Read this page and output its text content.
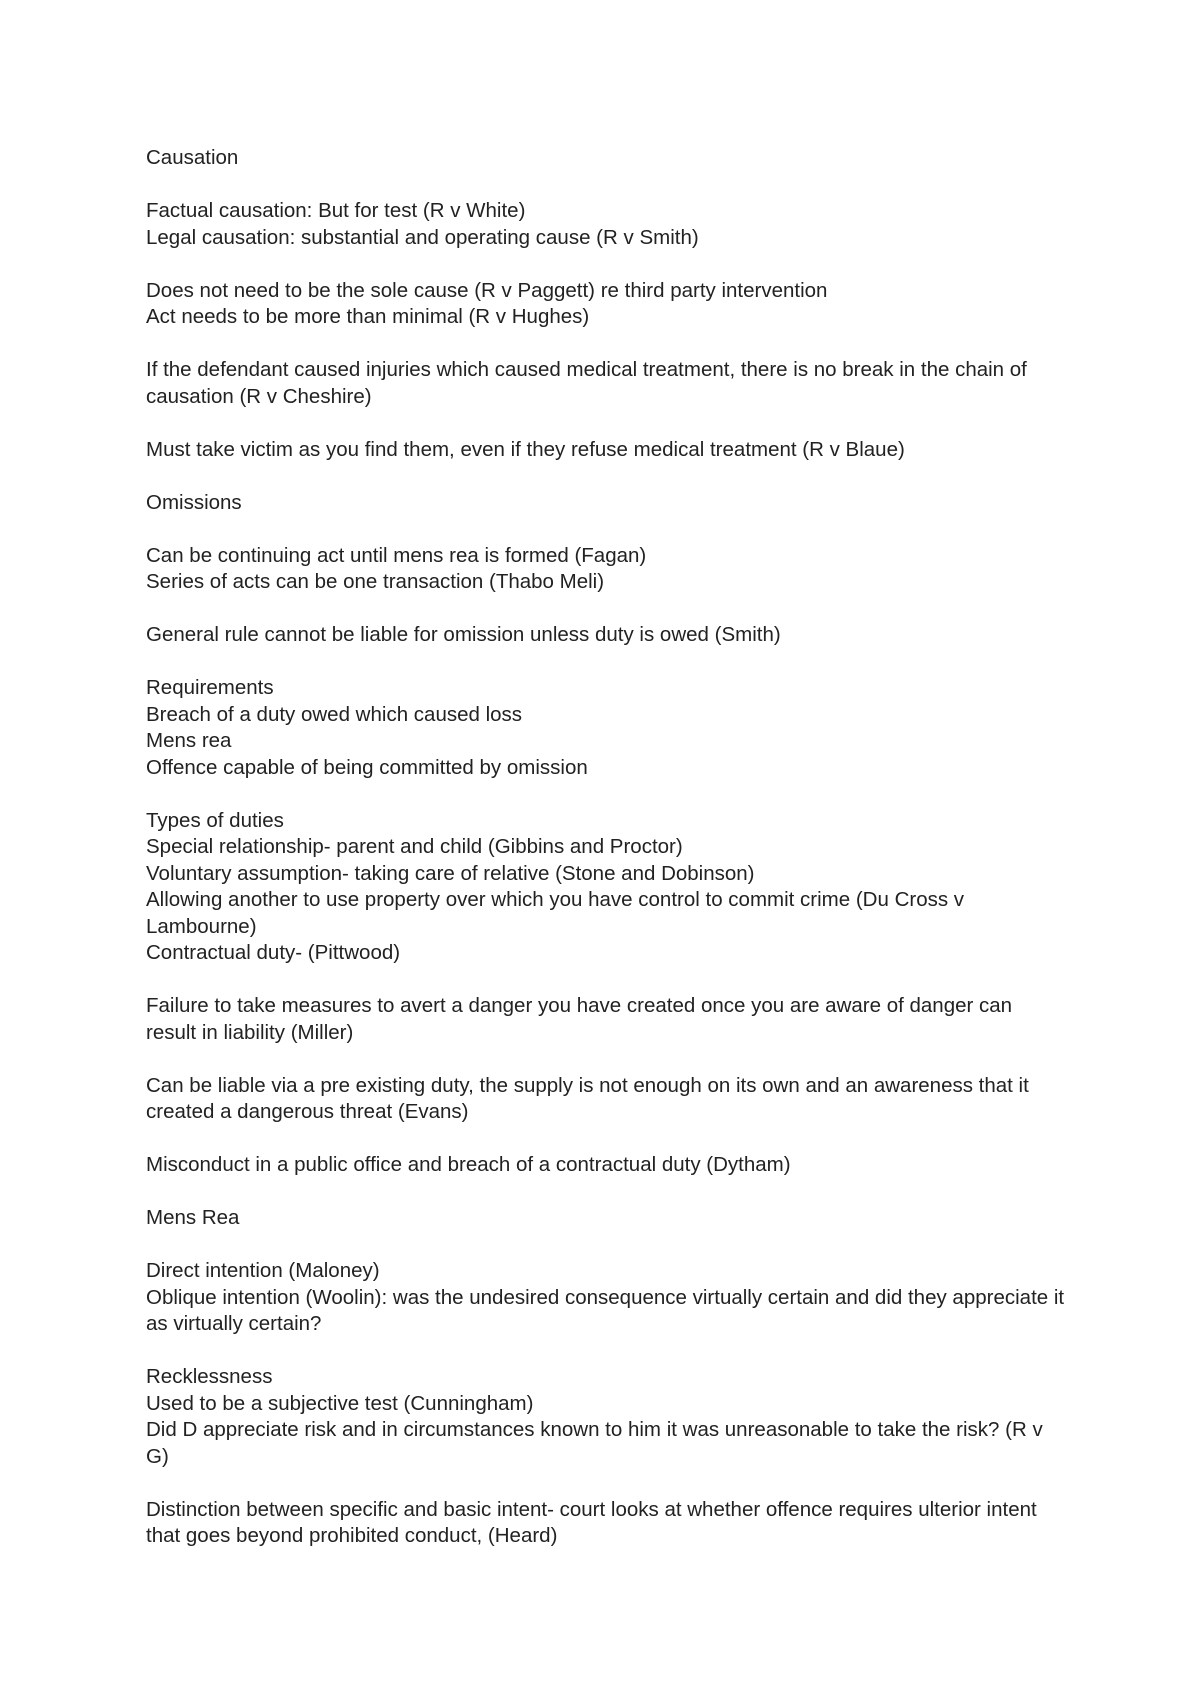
Causation
Factual causation: But for test (R v White)
Legal causation: substantial and operating cause (R v Smith)
Does not need to be the sole cause (R v Paggett) re third party intervention
Act needs to be more than minimal (R v Hughes)
If the defendant caused injuries which caused medical treatment, there is no break in the chain of causation (R v Cheshire)
Must take victim as you find them, even if they refuse medical treatment (R v Blaue)
Omissions
Can be continuing act until mens rea is formed (Fagan)
Series of acts can be one transaction (Thabo Meli)
General rule cannot be liable for omission unless duty is owed (Smith)
Requirements
Breach of a duty owed which caused loss
Mens rea
Offence capable of being committed by omission
Types of duties
Special relationship- parent and child (Gibbins and Proctor)
Voluntary assumption- taking care of relative (Stone and Dobinson)
Allowing another to use property over which you have control to commit crime (Du Cross v Lambourne)
Contractual duty- (Pittwood)
Failure to take measures to avert a danger you have created once you are aware of danger can result in liability (Miller)
Can be liable via a pre existing duty, the supply is not enough on its own and an awareness that it created a dangerous threat (Evans)
Misconduct in a public office and breach of a contractual duty (Dytham)
Mens Rea
Direct intention (Maloney)
Oblique intention (Woolin): was the undesired consequence virtually certain and did they appreciate it as virtually certain?
Recklessness
Used to be a subjective test (Cunningham)
Did D appreciate risk and in circumstances known to him it was unreasonable to take the risk? (R v G)
Distinction between specific and basic intent- court looks at whether offence requires ulterior intent that goes beyond prohibited conduct, (Heard)
